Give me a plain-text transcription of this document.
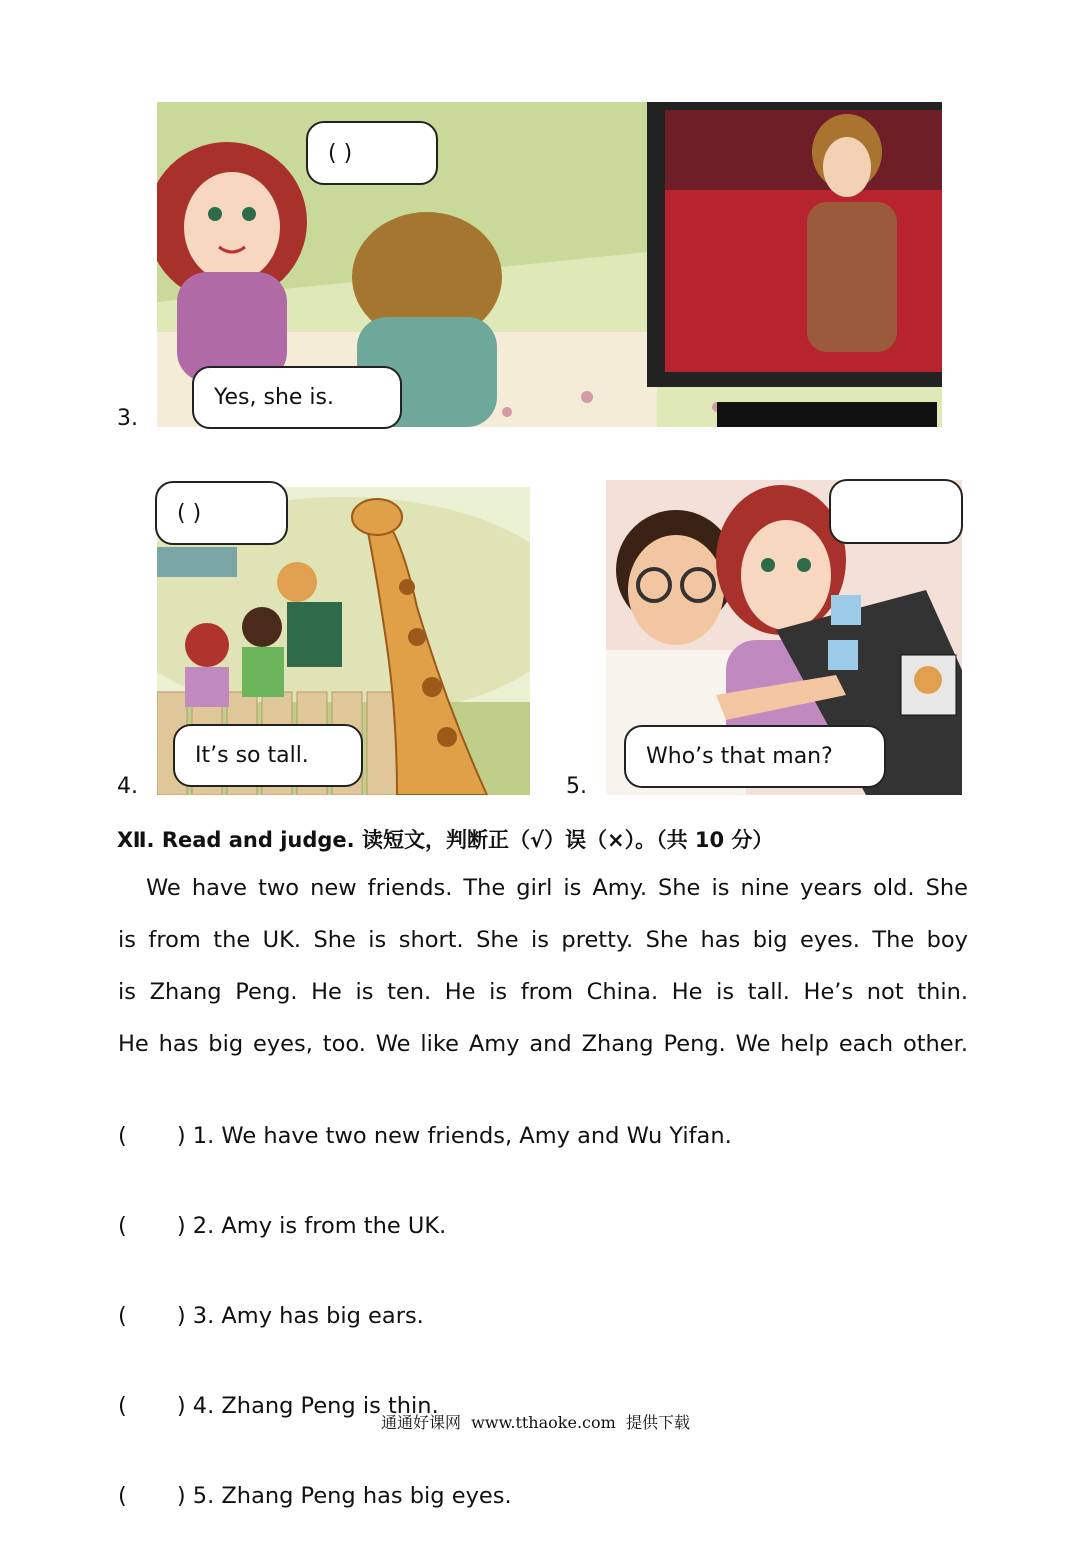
3.
( )
Yes, she is.
4.
( )
It’s so tall.
5.
Who’s that man?
Ⅻ. Read and judge. 读短文，判断正（√）误（×）。（共 10 分）
We have two new friends. The girl is Amy. She is nine years old. She
is from the UK. She is short. She is pretty. She has big eyes. The boy
is Zhang Peng. He is ten. He is from China. He is tall. He’s not thin.
He has big eyes, too. We like Amy and Zhang Peng. We help each other.

(       ) 1. We have two new friends, Amy and Wu Yifan.

(       ) 2. Amy is from the UK.

(       ) 3. Amy has big ears.

(       ) 4. Zhang Peng is thin.

(       ) 5. Zhang Peng has big eyes.

通通好课网  www.tthaoke.com  提供下载
